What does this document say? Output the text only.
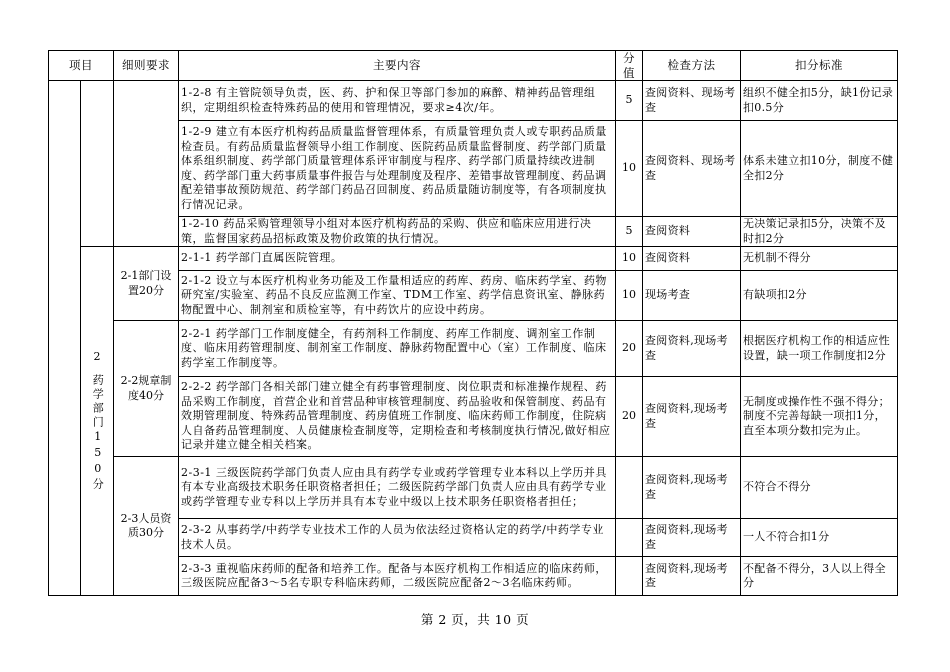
项目		细则要求	主要内容	分值	检查方法	扣分标准
			1-2-8 有主管院领导负责，医、药、护和保卫等部门参加的麻醉、精神药品管理组织，定期组织检查特殊药品的使用和管理情况，要求≥4次/年。	5	查阅资料、现场考查	组织不健全扣5分，缺1份记录扣0.5分
			1-2-9 建立有本医疗机构药品质量监督管理体系，有质量管理负责人或专职药品质量检查员。有药品质量监督领导小组工作制度、医院药品质量监督制度、药学部门质量体系组织制度、药学部门质量管理体系评审制度与程序、药学部门质量持续改进制度、药学部门重大药事质量事件报告与处理制度及程序、差错事故管理制度、药品调配差错事故预防规范、药学部门药品召回制度、药品质量随访制度等，有各项制度执行情况记录。	10	查阅资料、现场考查	体系未建立扣10分，制度不健全扣2分
			1-2-10 药品采购管理领导小组对本医疗机构药品的采购、供应和临床应用进行决策，监督国家药品招标政策及物价政策的执行情况。	5	查阅资料	无决策记录扣5分，决策不及时扣2分

	2
药学部门150分	2-1部门设置20分	2-1-1 药学部门直属医院管理。	10	查阅资料	无机制不得分
			2-1-2 设立与本医疗机构业务功能及工作量相适应的药库、药房、临床药学室、药物研究室/实验室、药品不良反应监测工作室、TDM工作室、药学信息资讯室、静脉药物配置中心、制剂室和质检室等，有中药饮片的应设中药房。	10	现场考查	有缺项扣2分
		2-2规章制度40分	2-2-1 药学部门工作制度健全，有药剂科工作制度、药库工作制度、调剂室工作制度、临床用药管理制度、制剂室工作制度、静脉药物配置中心（室）工作制度、临床药学室工作制度等。	20	查阅资料,现场考查	根据医疗机构工作的相适应性设置，缺一项工作制度扣2分
			2-2-2 药学部门各相关部门建立健全有药事管理制度、岗位职责和标准操作规程、药品采购工作制度，首营企业和首营品种审核管理制度、药品验收和保管制度、药品有效期管理制度、特殊药品管理制度、药房值班工作制度、临床药师工作制度，住院病人自备药品管理制度、人员健康检查制度等，定期检查和考核制度执行情况,做好相应记录并建立健全相关档案。	20	查阅资料,现场考查	无制度或操作性不强不得分；制度不完善每缺一项扣1分，直至本项分数扣完为止。
		2-3人员资质30分	2-3-1 三级医院药学部门负责人应由具有药学专业或药学管理专业本科以上学历并具有本专业高级技术职务任职资格者担任；二级医院药学部门负责人应由具有药学专业或药学管理专业专科以上学历并具有本专业中级以上技术职务任职资格者担任；		查阅资料,现场考查	不符合不得分
			2-3-2 从事药学/中药学专业技术工作的人员为依法经过资格认定的药学/中药学专业技术人员。		查阅资料,现场考查	一人不符合扣1分
			2-3-3 重视临床药师的配备和培养工作。配备与本医疗机构工作相适应的临床药师，三级医院应配备3～5名专职专科临床药师，二级医院应配备2～3名临床药师。		查阅资料,现场考查	不配备不得分，3人以上得全分
第 2 页，共 10 页
